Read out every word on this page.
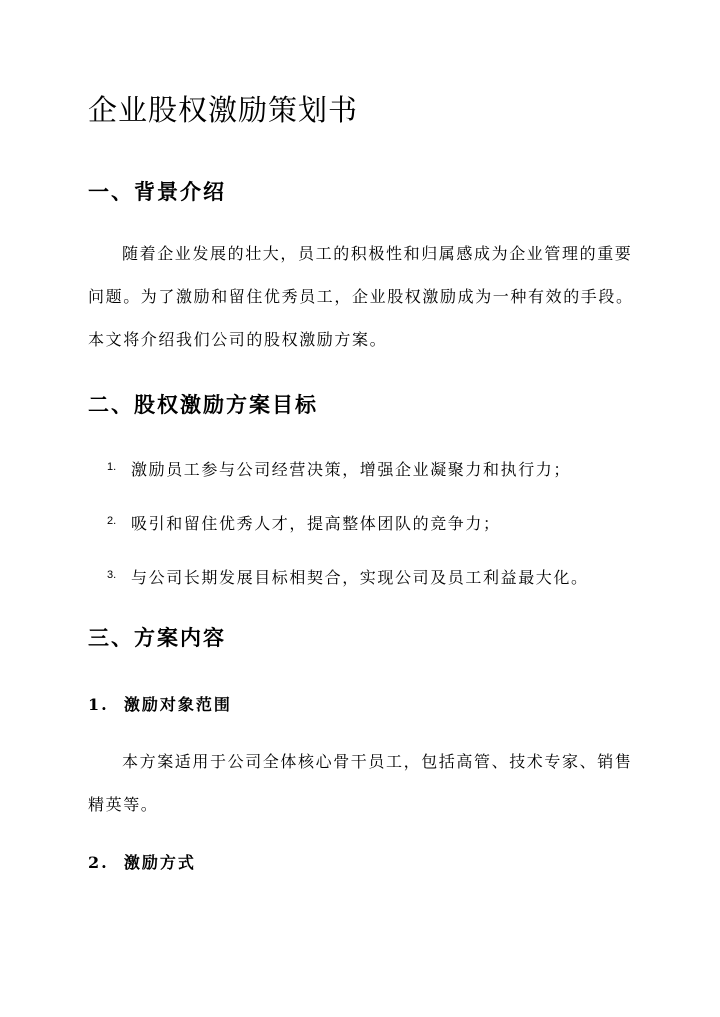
企业股权激励策划书
一、背景介绍

随着企业发展的壮大，员工的积极性和归属感成为企业管理的重要问题。为了激励和留住优秀员工，企业股权激励成为一种有效的手段。本文将介绍我们公司的股权激励方案。

二、股权激励方案目标
1. 激励员工参与公司经营决策，增强企业凝聚力和执行力；
2. 吸引和留住优秀人才，提高整体团队的竞争力；
3. 与公司长期发展目标相契合，实现公司及员工利益最大化。
三、方案内容
1.  激励对象范围

本方案适用于公司全体核心骨干员工，包括高管、技术专家、销售精英等。

2.  激励方式
